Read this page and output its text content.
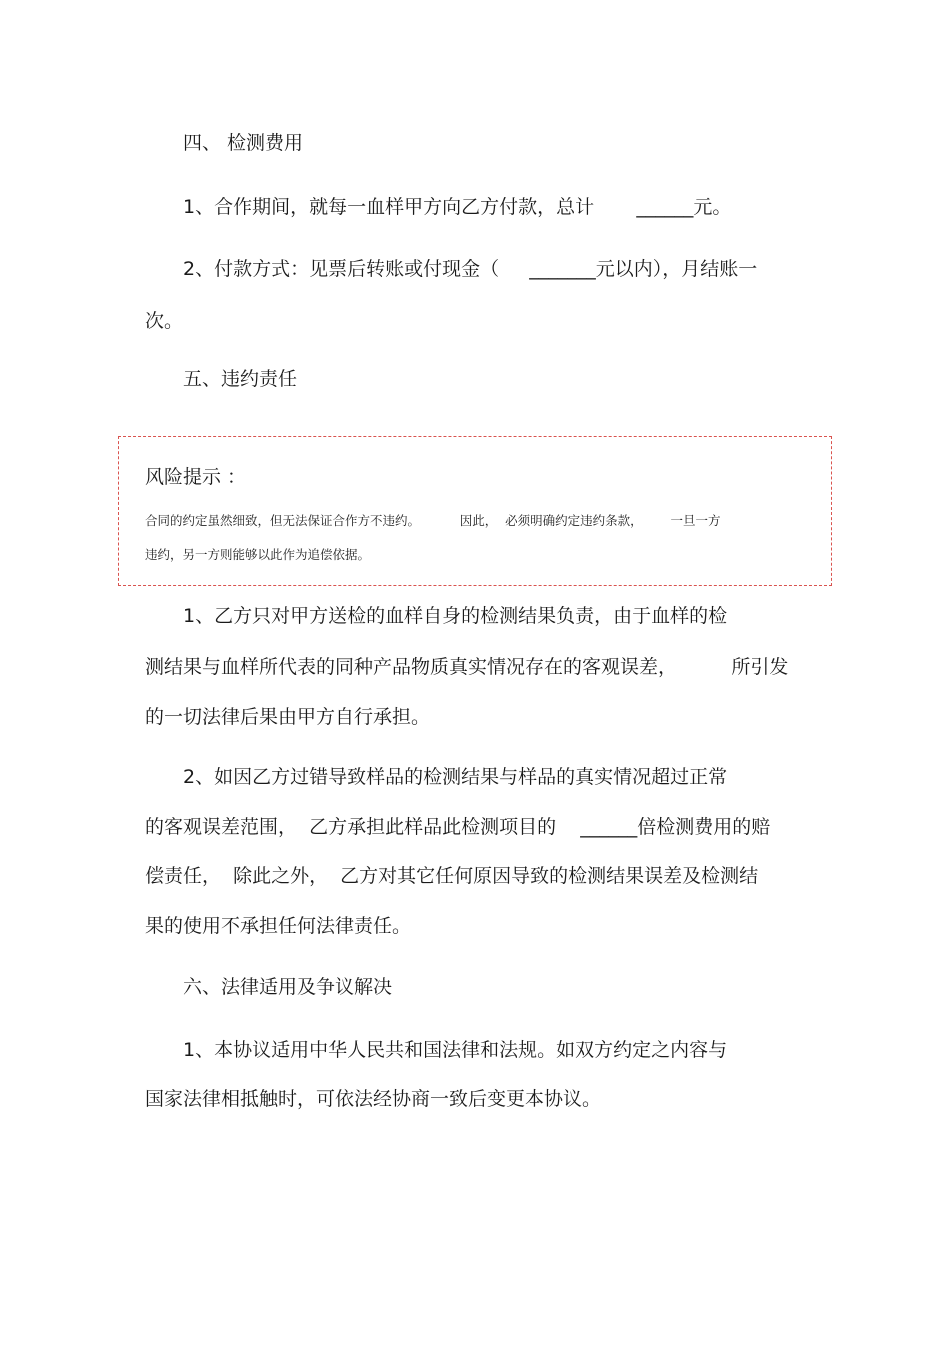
四、 检测费用

1、合作期间，就每一血样甲方向乙方付款，总计       ______元。

2、付款方式：见票后转账或付现金（     _______元以内），月结账一

次。

五、违约责任

风险提示 ：

合同的约定虽然细致，但无法保证合作方不违约。          因此，  必须明确约定违约条款，       一旦一方

违约，另一方则能够以此作为追偿依据。

1、乙方只对甲方送检的血样自身的检测结果负责，由于血样的检

测结果与血样所代表的同种产品物质真实情况存在的客观误差，         所引发

的一切法律后果由甲方自行承担。

2、如因乙方过错导致样品的检测结果与样品的真实情况超过正常

的客观误差范围，  乙方承担此样品此检测项目的    ______倍检测费用的赔

偿责任，  除此之外，  乙方对其它任何原因导致的检测结果误差及检测结

果的使用不承担任何法律责任。

六、法律适用及争议解决

1、本协议适用中华人民共和国法律和法规。如双方约定之内容与

国家法律相抵触时，可依法经协商一致后变更本协议。
